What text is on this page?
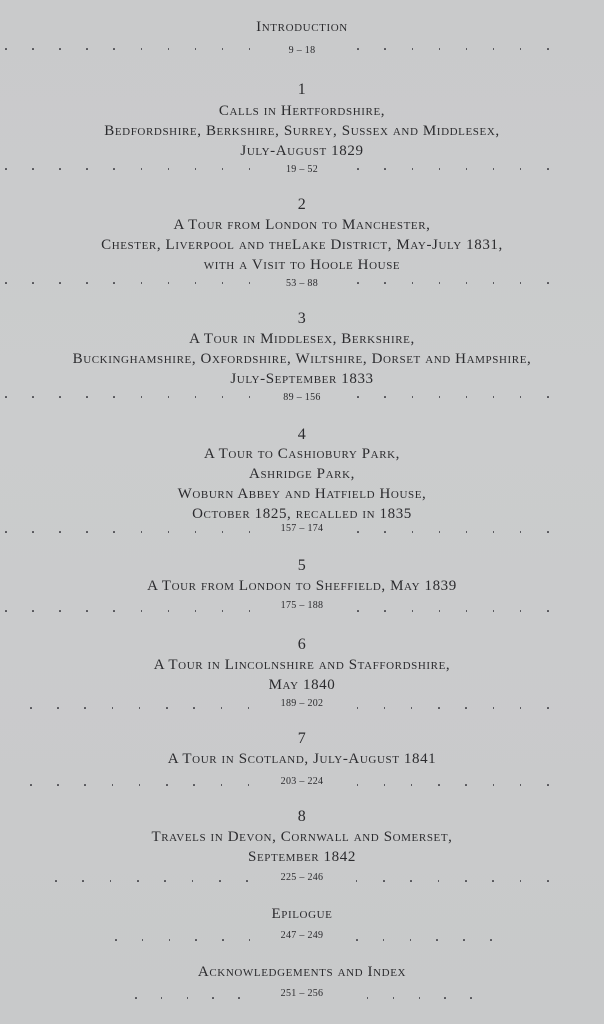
Introduction
9 – 18
1
Calls in Hertfordshire,
Bedfordshire, Berkshire, Surrey, Sussex and Middlesex,
July-August 1829
19 – 52
2
A Tour from London to Manchester,
Chester, Liverpool and theLake District, May-July 1831,
with a Visit to Hoole House
53 – 88
3
A Tour in Middlesex, Berkshire,
Buckinghamshire, Oxfordshire, Wiltshire, Dorset and Hampshire,
July-September 1833
89 – 156
4
A Tour to Cashiobury Park,
Ashridge Park,
Woburn Abbey and Hatfield House,
October 1825, recalled in 1835
157 – 174
5
A Tour from London to Sheffield, May 1839
175 – 188
6
A Tour in Lincolnshire and Staffordshire,
May 1840
189 – 202
7
A Tour in Scotland, July-August 1841
203 – 224
8
Travels in Devon, Cornwall and Somerset,
September 1842
225 – 246
Epilogue
247 – 249
Acknowledgements and Index
251 – 256
